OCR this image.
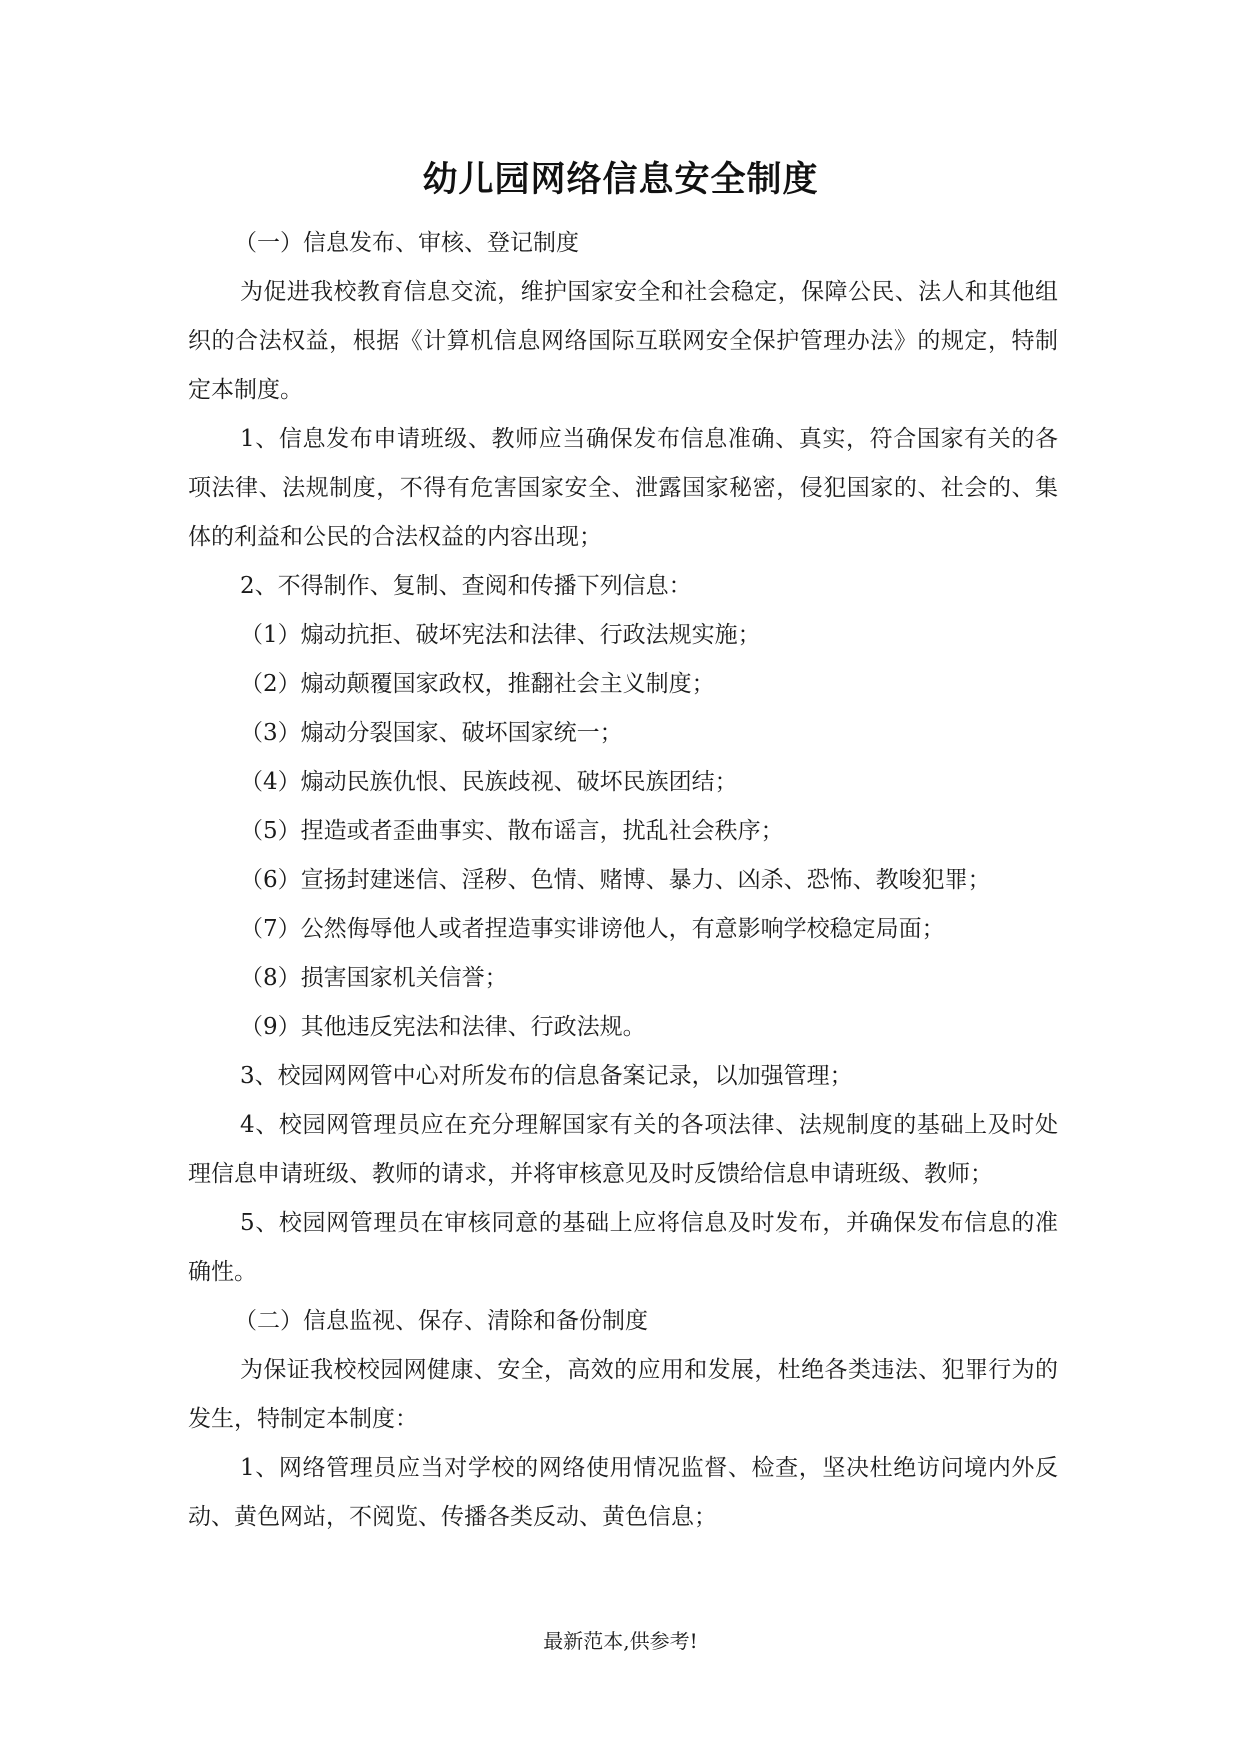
幼儿园网络信息安全制度

（一）信息发布、审核、登记制度

为促进我校教育信息交流，维护国家安全和社会稳定，保障公民、法人和其他组织的合法权益，根据《计算机信息网络国际互联网安全保护管理办法》的规定，特制定本制度。

1、信息发布申请班级、教师应当确保发布信息准确、真实，符合国家有关的各项法律、法规制度，不得有危害国家安全、泄露国家秘密，侵犯国家的、社会的、集体的利益和公民的合法权益的内容出现；

2、不得制作、复制、查阅和传播下列信息：

（1）煽动抗拒、破坏宪法和法律、行政法规实施；

（2）煽动颠覆国家政权，推翻社会主义制度；

（3）煽动分裂国家、破坏国家统一；

（4）煽动民族仇恨、民族歧视、破坏民族团结；

（5）捏造或者歪曲事实、散布谣言，扰乱社会秩序；

（6）宣扬封建迷信、淫秽、色情、赌博、暴力、凶杀、恐怖、教唆犯罪；

（7）公然侮辱他人或者捏造事实诽谤他人，有意影响学校稳定局面；

（8）损害国家机关信誉；

（9）其他违反宪法和法律、行政法规。

3、校园网网管中心对所发布的信息备案记录，以加强管理；

4、校园网管理员应在充分理解国家有关的各项法律、法规制度的基础上及时处理信息申请班级、教师的请求，并将审核意见及时反馈给信息申请班级、教师；

5、校园网管理员在审核同意的基础上应将信息及时发布，并确保发布信息的准确性。

（二）信息监视、保存、清除和备份制度

为保证我校校园网健康、安全，高效的应用和发展，杜绝各类违法、犯罪行为的发生，特制定本制度：

1、网络管理员应当对学校的网络使用情况监督、检查，坚决杜绝访问境内外反动、黄色网站，不阅览、传播各类反动、黄色信息；

最新范本,供参考!
